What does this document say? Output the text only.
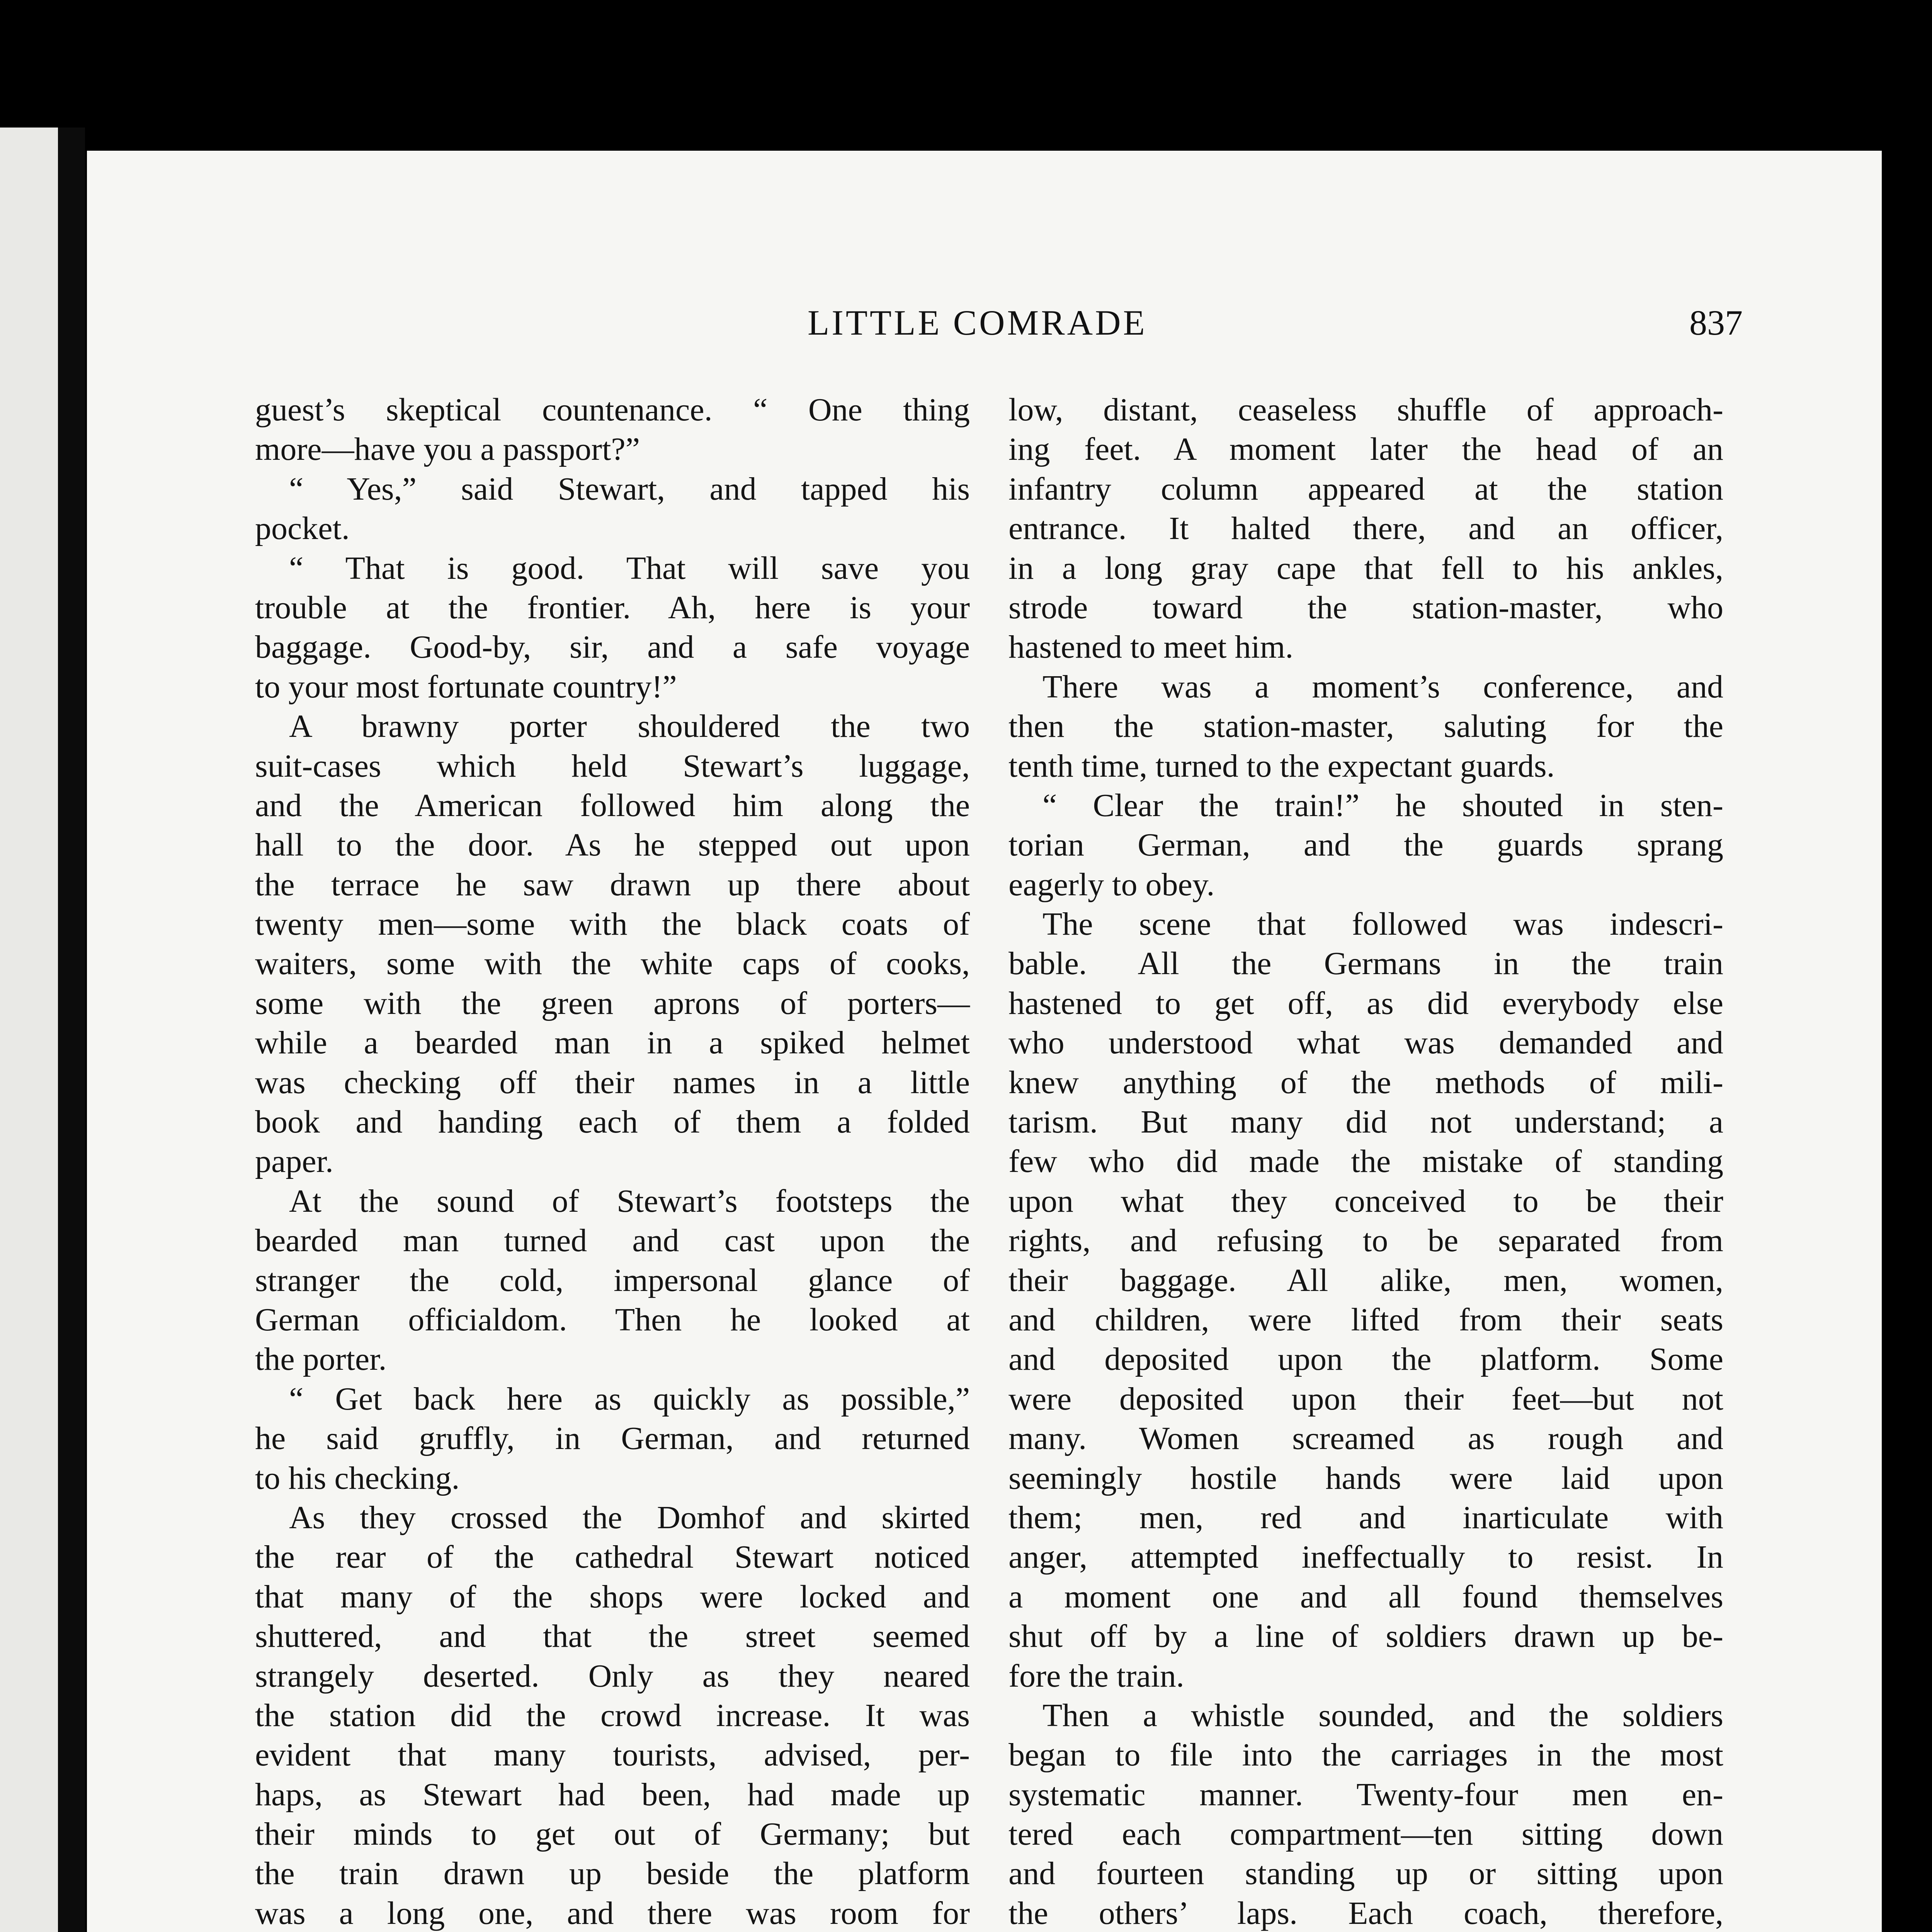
LITTLE COMRADE	837
guest’s skeptical countenance. “ One thing
more—have you a passport?”
“ Yes,” said Stewart, and tapped his
pocket.
“ That is good. That will save you
trouble at the frontier. Ah, here is your
baggage. Good-by, sir, and a safe voyage
to your most fortunate country!”
A brawny porter shouldered the two
suit-cases which held Stewart’s luggage,
and the American followed him along the
hall to the door. As he stepped out upon
the terrace he saw drawn up there about
twenty men—some with the black coats of
waiters, some with the white caps of cooks,
some with the green aprons of porters—
while a bearded man in a spiked helmet
was checking off their names in a little
book and handing each of them a folded
paper.
At the sound of Stewart’s footsteps the
bearded man turned and cast upon the
stranger the cold, impersonal glance of
German officialdom. Then he looked at
the porter.
“ Get back here as quickly as possible,”
he said gruffly, in German, and returned
to his checking.
As they crossed the Domhof and skirted
the rear of the cathedral Stewart noticed
that many of the shops were locked and
shuttered, and that the street seemed
strangely deserted. Only as they neared
the station did the crowd increase. It was
evident that many tourists, advised, per-
haps, as Stewart had been, had made up
their minds to get out of Germany; but
the train drawn up beside the platform
was a long one, and there was room for
low, distant, ceaseless shuffle of approach-
ing feet. A moment later the head of an
infantry column appeared at the station
entrance. It halted there, and an officer,
in a long gray cape that fell to his ankles,
strode toward the station-master, who
hastened to meet him.
There was a moment’s conference, and
then the station-master, saluting for the
tenth time, turned to the expectant guards.
“ Clear the train!” he shouted in sten-
torian German, and the guards sprang
eagerly to obey.
The scene that followed was indescri-
bable. All the Germans in the train
hastened to get off, as did everybody else
who understood what was demanded and
knew anything of the methods of mili-
tarism. But many did not understand; a
few who did made the mistake of standing
upon what they conceived to be their
rights, and refusing to be separated from
their baggage. All alike, men, women,
and children, were lifted from their seats
and deposited upon the platform. Some
were deposited upon their feet—but not
many. Women screamed as rough and
seemingly hostile hands were laid upon
them; men, red and inarticulate with
anger, attempted ineffectually to resist. In
a moment one and all found themselves
shut off by a line of soldiers drawn up be-
fore the train.
Then a whistle sounded, and the soldiers
began to file into the carriages in the most
systematic manner. Twenty-four men en-
tered each compartment—ten sitting down
and fourteen standing up or sitting upon
the others’ laps. Each coach, therefore,
